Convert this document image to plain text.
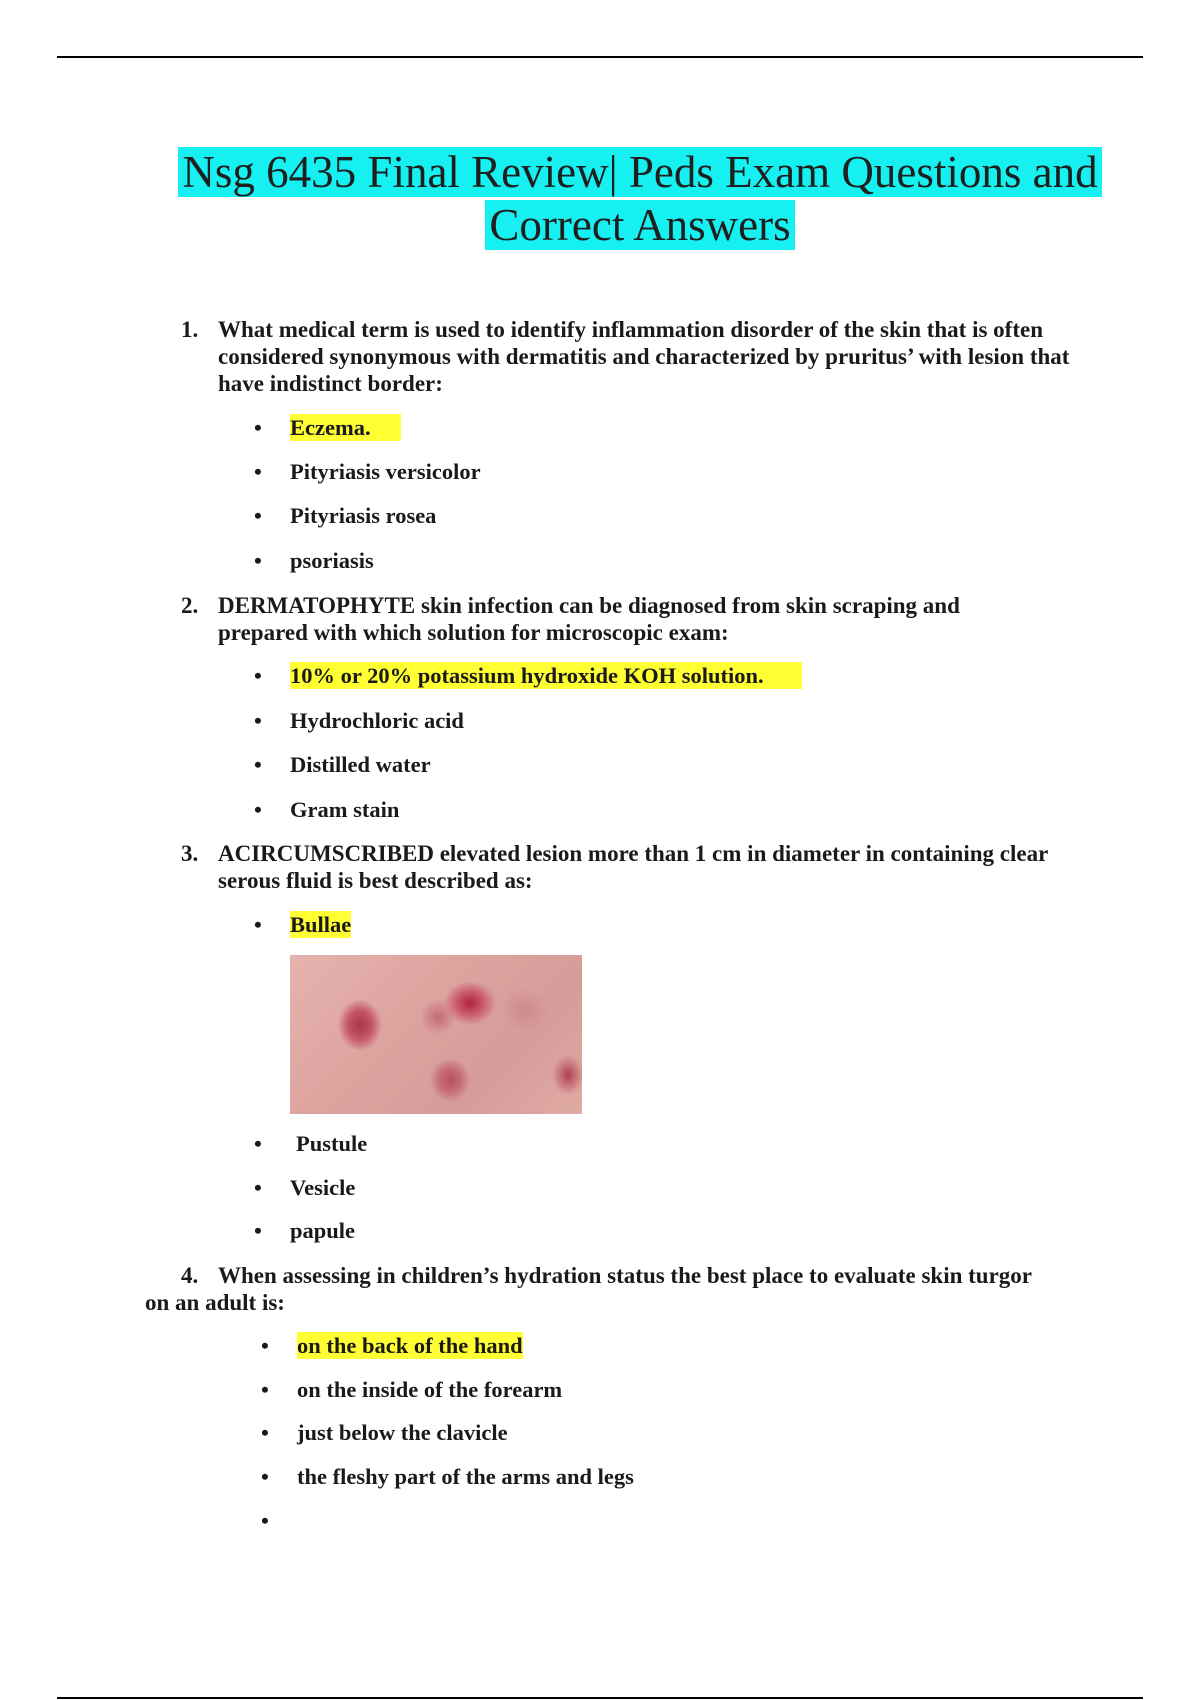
Nsg 6435 Final Review| Peds Exam Questions and
Correct Answers
1. What medical term is used to identify inflammation disorder of the skin that is often considered synonymous with dermatitis and characterized by pruritus’ with lesion that have indistinct border:
• Eczema.
• Pityriasis versicolor
• Pityriasis rosea
• psoriasis
2. DERMATOPHYTE skin infection can be diagnosed from skin scraping and prepared with which solution for microscopic exam:
• 10% or 20% potassium hydroxide KOH solution.
• Hydrochloric acid
• Distilled water
• Gram stain
3. ACIRCUMSCRIBED elevated lesion more than 1 cm in diameter in containing clear serous fluid is best described as:
• Bullae
• Pustule
• Vesicle
• papule
4. When assessing in children’s hydration status the best place to evaluate skin turgor
on an adult is:
• on the back of the hand
• on the inside of the forearm
• just below the clavicle
• the fleshy part of the arms and legs
•
